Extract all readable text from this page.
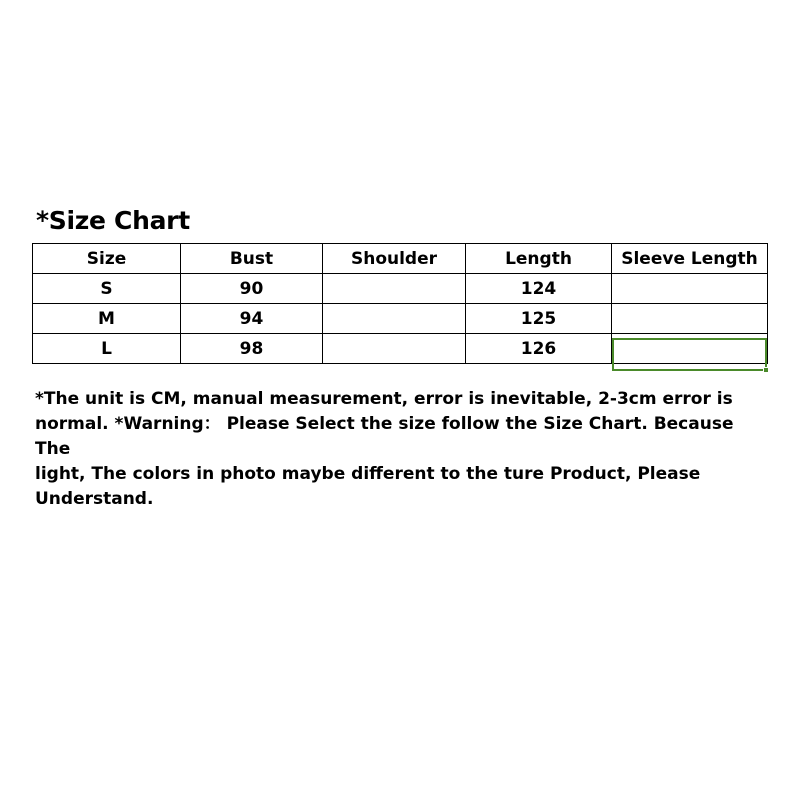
*Size Chart
Size	Bust	Shoulder	Length	Sleeve Length
S	90		124	
M	94		125	
L	98		126	
*The unit is CM, manual measurement, error is inevitable, 2-3cm error is
normal. *Warning： Please Select the size follow the Size Chart. Because The
light, The colors in photo maybe different to the ture Product, Please
Understand.
